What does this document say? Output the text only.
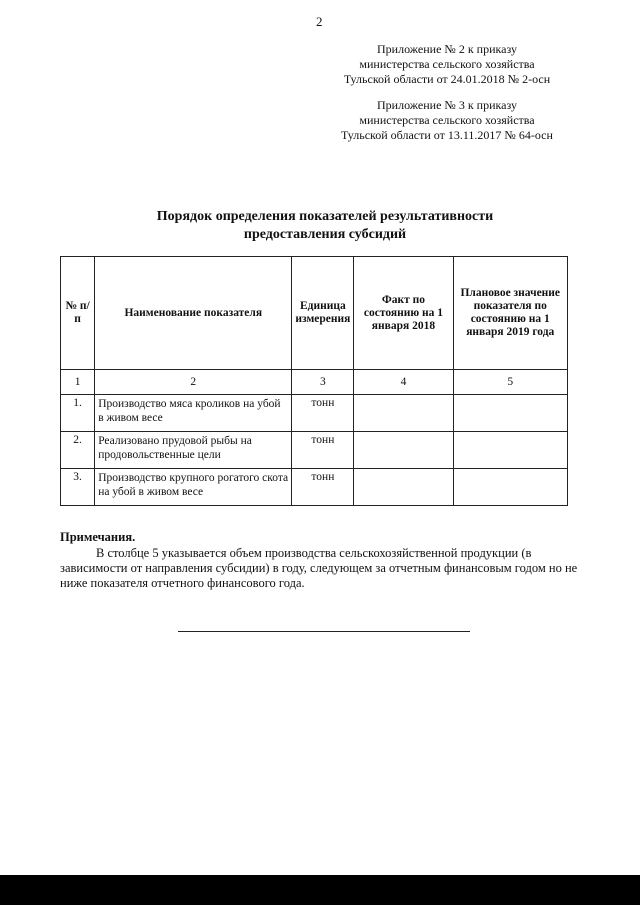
2
Приложение № 2 к приказу
министерства сельского хозяйства
Тульской области от 24.01.2018 № 2-осн
Приложение № 3 к приказу
министерства сельского хозяйства
Тульской области от 13.11.2017 № 64-осн
Порядок определения показателей результативности
предоставления субсидий
№ п/п	Наименование показателя	Единица измерения	Факт по состоянию на 1 января 2018	Плановое значение показателя по состоянию на 1 января 2019 года
1	2	3	4	5
1.	Производство мяса кроликов на убой в живом весе	тонн		
2.	Реализовано прудовой рыбы на продовольственные цели	тонн		
3.	Производство крупного рогатого скота на убой в живом весе	тонн		
Примечания.
В столбце 5 указывается объем производства сельскохозяйственной продукции (в зависимости от направления субсидии) в году, следующем за отчетным финансовым годом но не ниже показателя отчетного финансового года.
